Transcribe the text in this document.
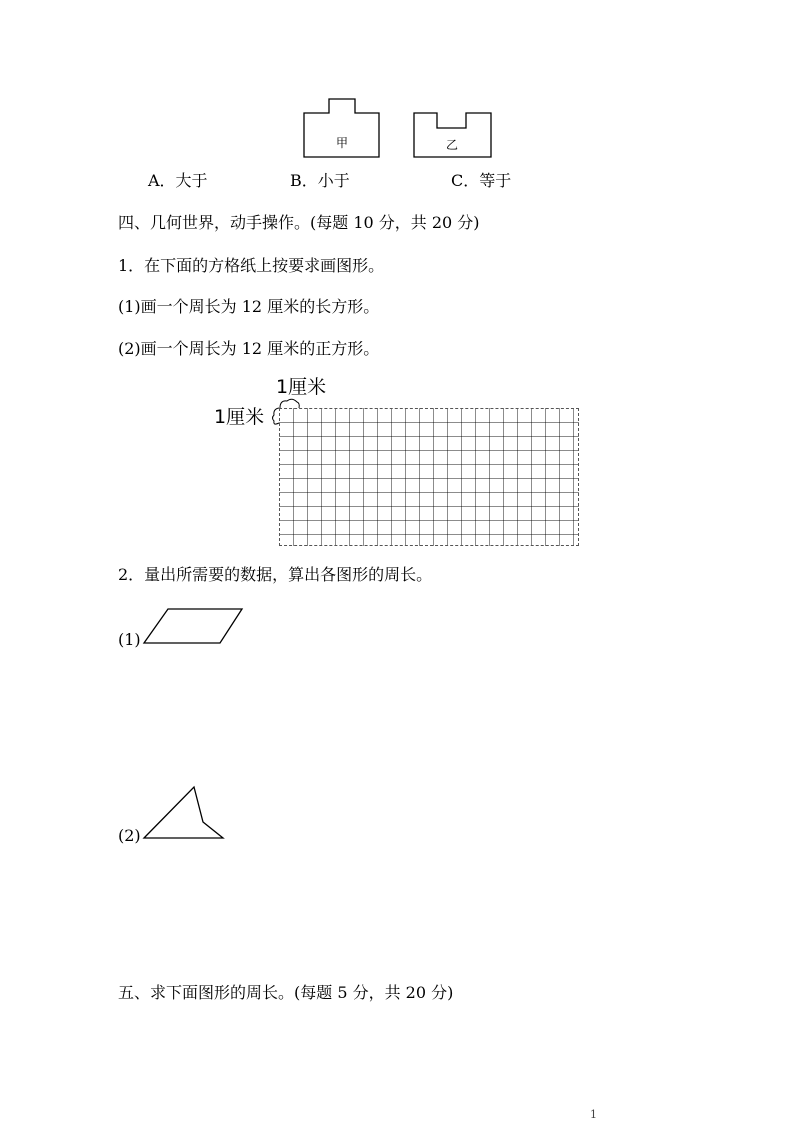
甲	乙
A．大于	B．小于	C．等于
四、几何世界，动手操作。(每题 10 分，共 20 分)
1．在下面的方格纸上按要求画图形。
(1)画一个周长为 12 厘米的长方形。
(2)画一个周长为 12 厘米的正方形。
1厘米
1厘米
2．量出所需要的数据，算出各图形的周长。
(1)
(2)
五、求下面图形的周长。(每题 5 分，共 20 分)
1
